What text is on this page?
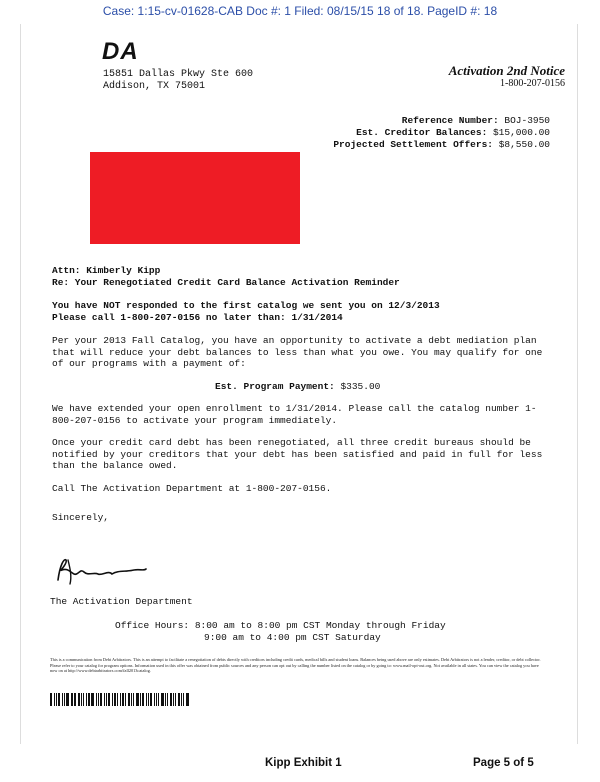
Case: 1:15-cv-01628-CAB Doc #: 1 Filed: 08/15/15 18 of 18. PageID #: 18
DA
15851 Dallas Pkwy Ste 600
Addison, TX 75001
Activation 2nd Notice
1-800-207-0156
Reference Number: BOJ-3950
Est. Creditor Balances: $15,000.00
Projected Settlement Offers: $8,550.00

Attn: Kimberly Kipp

Re: Your Renegotiated Credit Card Balance Activation Reminder

You have NOT responded to the first catalog we sent you on 12/3/2013

Please call 1-800-207-0156 no later than: 1/31/2014

Per your 2013 Fall Catalog, you have an opportunity to activate a debt mediation plan that will reduce your debt balances to less than what you owe. You may qualify for one of our programs with a payment of:

Est. Program Payment: $335.00

We have extended your open enrollment to 1/31/2014. Please call the catalog number 1-800-207-0156 to activate your program immediately.

Once your credit card debt has been renegotiated, all three credit bureaus should be notified by your creditors that your debt has been satisfied and paid in full for less than the balance owed.

Call The Activation Department at 1-800-207-0156.

Sincerely,

The Activation Department
Office Hours: 8:00 am to 8:00 pm CST Monday through Friday
9:00 am to 4:00 pm CST Saturday
This is a communication from Debt Arbitrators. This is an attempt to facilitate a renegotiation of debts directly with creditors including credit cards, medical bills and student loans. Balances being used above are only estimates. Debt Arbitrators is not a lender, creditor, or debt collector. Please refer to your catalog for program options. Information used in this offer was obtained from public sources and any person can opt out by calling the number listed on the catalog or by going to: www.mail-opt-out.org. Not available in all states. You can view the catalog you have now on at http://www.debtarbitrators.com/fall2013catalog.
Kipp Exhibit 1	Page 5 of 5
